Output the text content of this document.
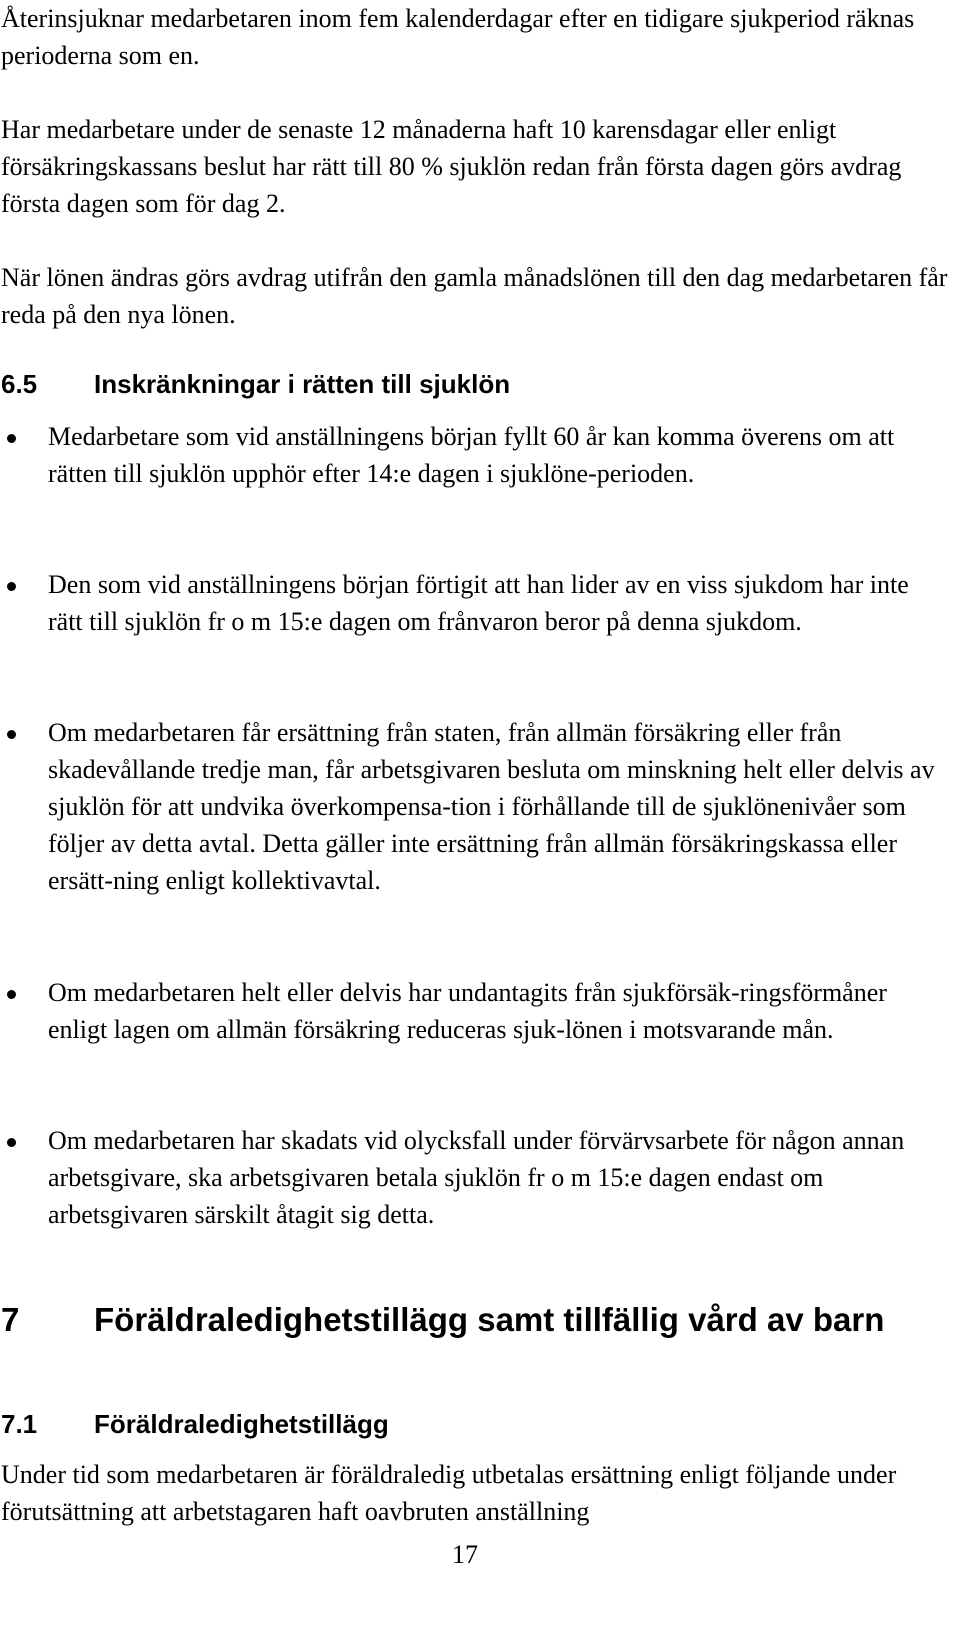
Återinsjuknar medarbetaren inom fem kalenderdagar efter en tidigare sjukperiod räknas perioderna som en.
Har medarbetare under de senaste 12 månaderna haft 10 karensdagar eller enligt försäkringskassans beslut har rätt till 80 % sjuklön redan från första dagen görs avdrag första dagen som för dag 2.
När lönen ändras görs avdrag utifrån den gamla månadslönen till den dag medarbetaren får reda på den nya lönen.
6.5 Inskränkningar i rätten till sjuklön
Medarbetare som vid anställningens början fyllt 60 år kan komma överens om att rätten till sjuklön upphör efter 14:e dagen i sjuklöne-perioden.
Den som vid anställningens början förtigit att han lider av en viss sjukdom har inte rätt till sjuklön fr o m 15:e dagen om frånvaron beror på denna sjukdom.
Om medarbetaren får ersättning från staten, från allmän försäkring eller från skadevållande tredje man, får arbetsgivaren besluta om minskning helt eller delvis av sjuklön för att undvika överkompensa-tion i förhållande till de sjuklönenivåer som följer av detta avtal. Detta gäller inte ersättning från allmän försäkringskassa eller ersätt-ning enligt kollektivavtal.
Om medarbetaren helt eller delvis har undantagits från sjukförsäk-ringsförmåner enligt lagen om allmän försäkring reduceras sjuk-lönen i motsvarande mån.
Om medarbetaren har skadats vid olycksfall under förvärvsarbete för någon annan arbetsgivare, ska arbetsgivaren betala sjuklön fr o m 15:e dagen endast om arbetsgivaren särskilt åtagit sig detta.
7	Föräldraledighetstillägg samt tillfällig vård av barn
7.1 Föräldraledighetstillägg
Under tid som medarbetaren är föräldraledig utbetalas ersättning enligt följande under förutsättning att arbetstagaren haft oavbruten anställning
17
